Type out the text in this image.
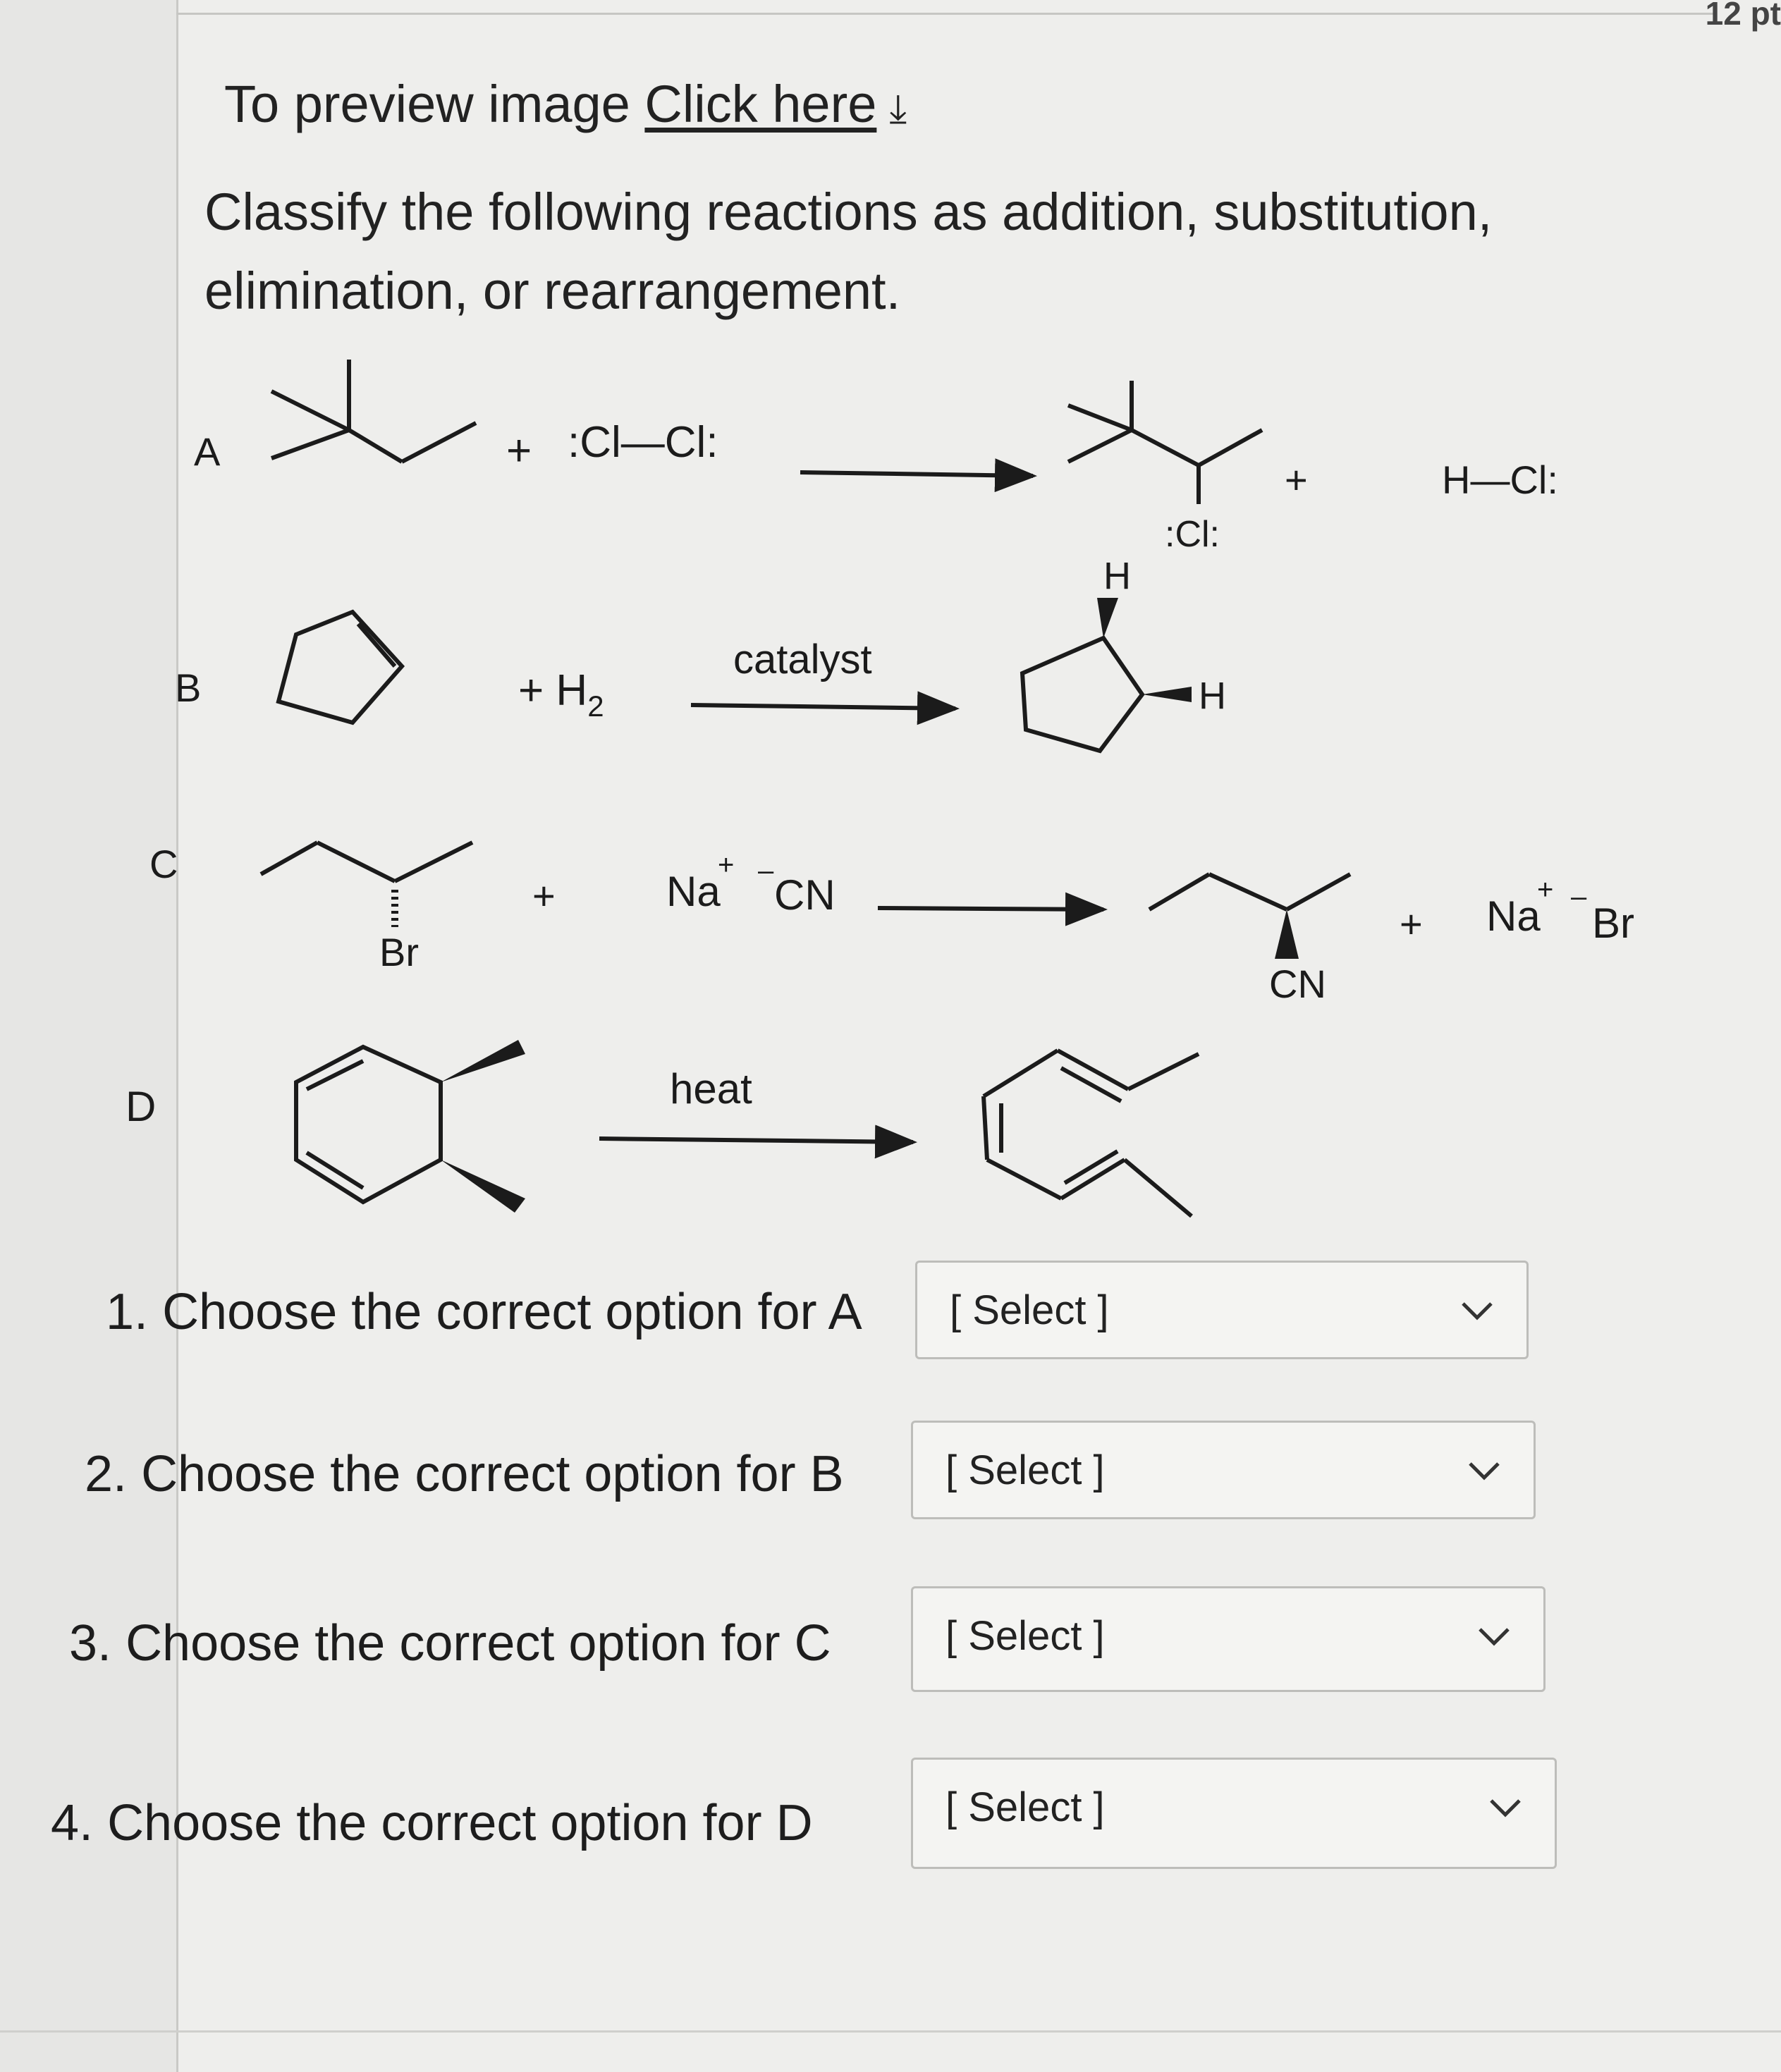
12 pt
To preview image Click here ⤓
Classify the following reactions as addition, substitution, elimination, or rearrangement.
A	+ :Cl—Cl:
:Cl:
+	H—Cl:
B	+ $H_2$
catalyst
H
H
C
Br
+	Na
+ –
CN
CN
+ Na
+ –
Br
D	heat
1. Choose the correct option for A [ Select ]
2. Choose the correct option for B [ Select ]
3. Choose the correct option for C	[ Select ]
4. Choose the correct option for D	[ Select ]
